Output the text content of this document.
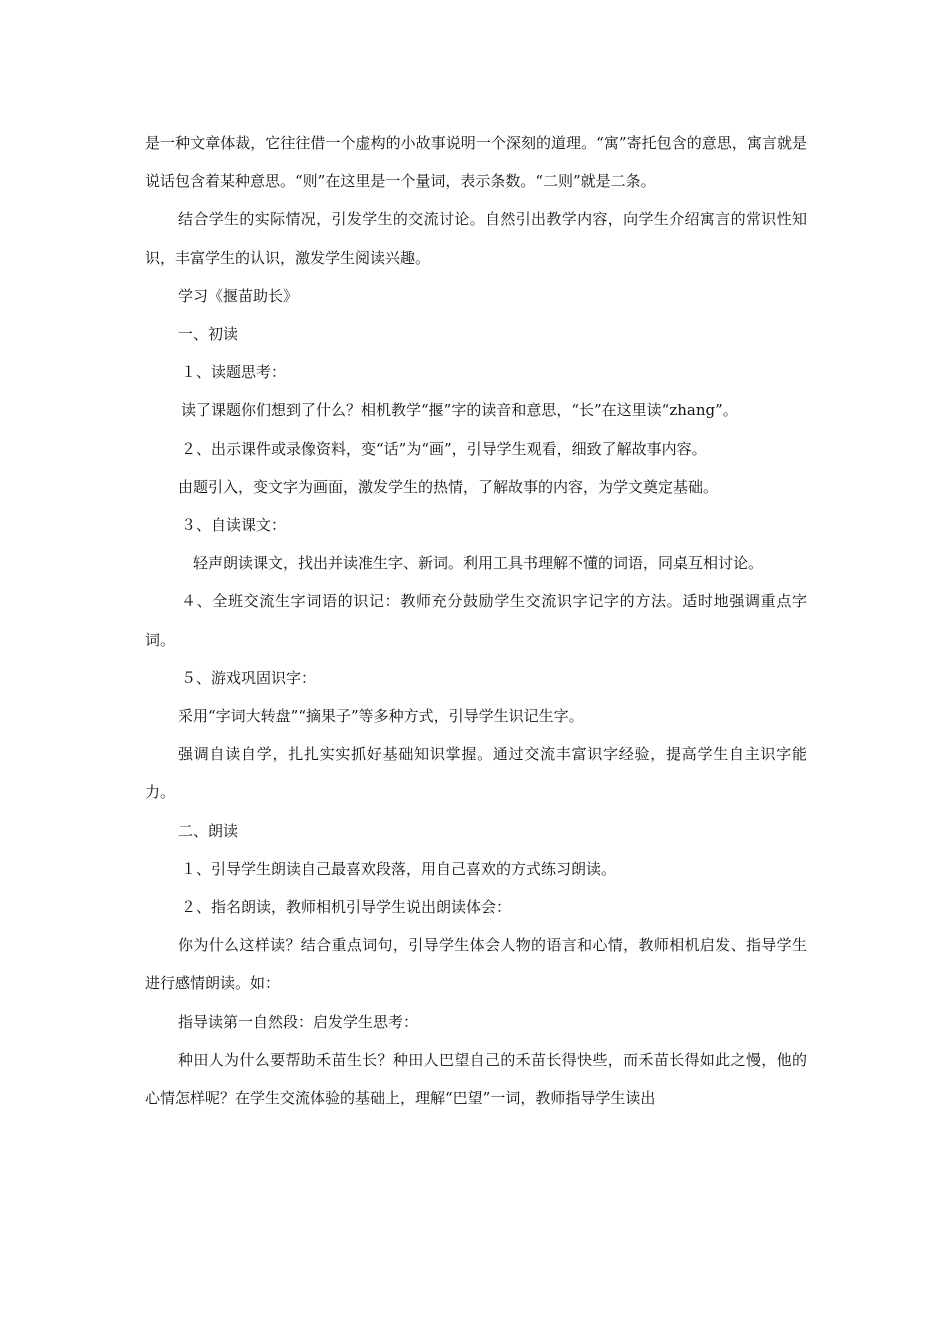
是一种文章体裁，它往往借一个虚构的小故事说明一个深刻的道理。“寓”寄托包含的意思，寓言就是说话包含着某种意思。“则”在这里是一个量词，表示条数。“二则”就是二条。

结合学生的实际情况，引发学生的交流讨论。自然引出教学内容，向学生介绍寓言的常识性知识，丰富学生的认识，激发学生阅读兴趣。

学习《揠苗助长》

一、初读

１、读题思考：

读了课题你们想到了什么？相机教学“揠”字的读音和意思，“长”在这里读“zhang”。

２、出示课件或录像资料，变“话”为“画”，引导学生观看，细致了解故事内容。

由题引入，变文字为画面，激发学生的热情，了解故事的内容，为学文奠定基础。

３、自读课文：

轻声朗读课文，找出并读准生字、新词。利用工具书理解不懂的词语，同桌互相讨论。

４、全班交流生字词语的识记：教师充分鼓励学生交流识字记字的方法。适时地强调重点字词。

５、游戏巩固识字：

采用“字词大转盘”“摘果子”等多种方式，引导学生识记生字。

强调自读自学，扎扎实实抓好基础知识掌握。通过交流丰富识字经验，提高学生自主识字能力。

二、朗读

１、引导学生朗读自己最喜欢段落，用自己喜欢的方式练习朗读。

２、指名朗读，教师相机引导学生说出朗读体会：

你为什么这样读？结合重点词句，引导学生体会人物的语言和心情，教师相机启发、指导学生进行感情朗读。如：

指导读第一自然段：启发学生思考：

种田人为什么要帮助禾苗生长？种田人巴望自己的禾苗长得快些，而禾苗长得如此之慢，他的心情怎样呢？在学生交流体验的基础上，理解“巴望”一词，教师指导学生读出
